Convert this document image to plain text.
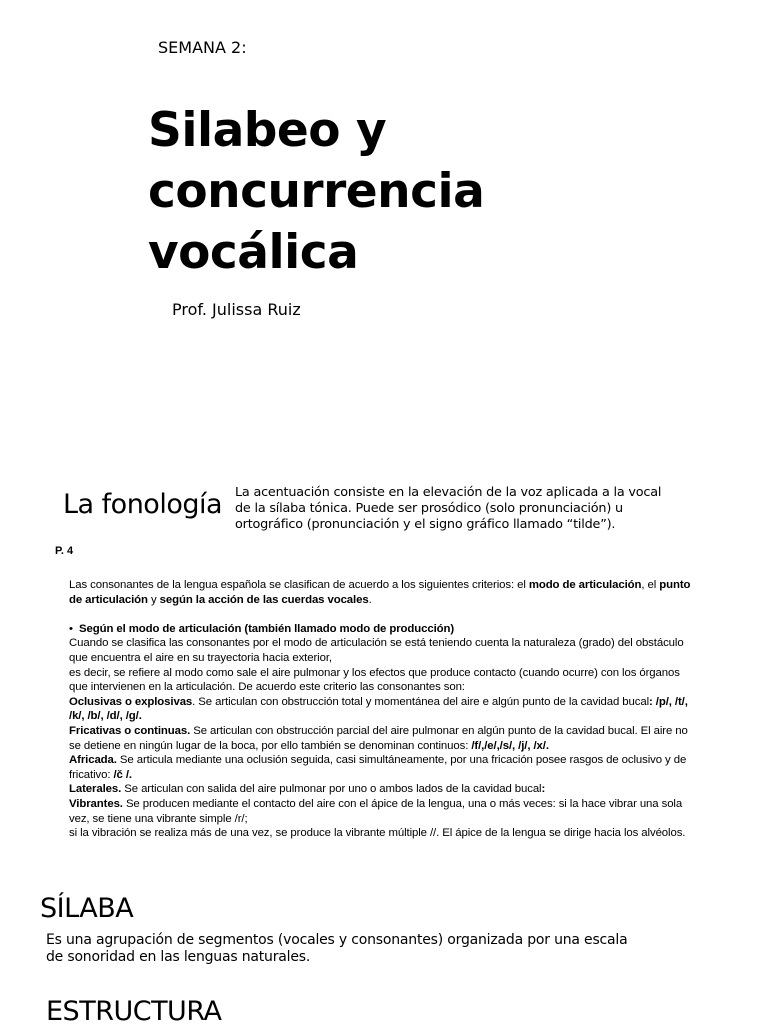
SEMANA 2:
Silabeo y
concurrencia
vocálica
Prof. Julissa Ruiz
La fonología La acentuación consiste en la elevación de la voz aplicada a la vocal de la sílaba tónica. Puede ser prosódico (solo pronunciación) u ortográfico (pronunciación y el signo gráfico llamado “tilde”).
P. 4

Las consonantes de la lengua española se clasifican de acuerdo a los siguientes criterios: el modo de articulación, el punto de articulación y según la acción de las cuerdas vocales.

• Según el modo de articulación (también llamado modo de producción)

Cuando se clasifica las consonantes por el modo de articulación se está teniendo cuenta la naturaleza (grado) del obstáculo que encuentra el aire en su trayectoria hacia exterior,

es decir, se refiere al modo como sale el aire pulmonar y los efectos que produce contacto (cuando ocurre) con los órganos que intervienen en la articulación. De acuerdo este criterio las consonantes son:

Oclusivas o explosivas. Se articulan con obstrucción total y momentánea del aire e algún punto de la cavidad bucal: /p/, /t/, /k/, /b/, /d/, /g/.

Fricativas o continuas. Se articulan con obstrucción parcial del aire pulmonar en algún punto de la cavidad bucal. El aire no se detiene en ningún lugar de la boca, por ello también se denominan continuos: /f/,/e/,/s/, /j/, /x/.

Africada. Se articula mediante una oclusión seguida, casi simultáneamente, por una fricación posee rasgos de oclusivo y de fricativo: /č /.

Laterales. Se articulan con salida del aire pulmonar por uno o ambos lados de la cavidad bucal:

Vibrantes. Se producen mediante el contacto del aire con el ápice de la lengua, una o más veces: si la hace vibrar una sola vez, se tiene una vibrante simple /r/;

si la vibración se realiza más de una vez, se produce la vibrante múltiple //. El ápice de la lengua se dirige hacia los alvéolos.

SÍLABA
Es una agrupación de segmentos (vocales y consonantes) organizada por una escala de sonoridad en las lenguas naturales.
ESTRUCTURA
